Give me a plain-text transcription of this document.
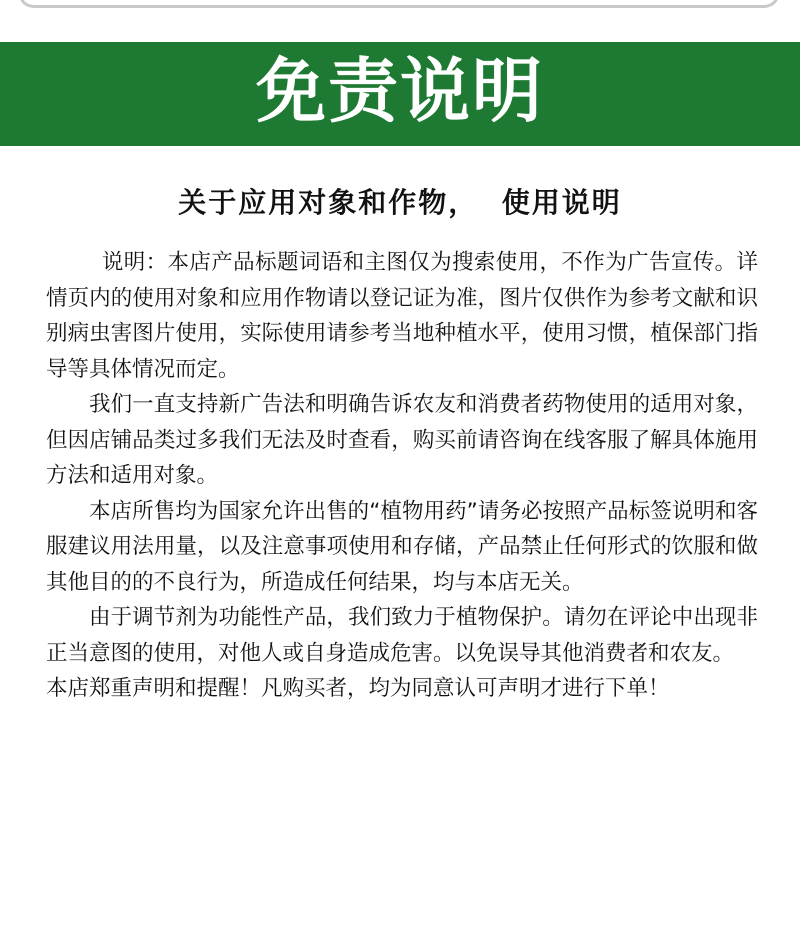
免责说明
关于应用对象和作物，  使用说明

说明：本店产品标题词语和主图仅为搜索使用，不作为广告宣传。详情页内的使用对象和应用作物请以登记证为准，图片仅供作为参考文献和识别病虫害图片使用，实际使用请参考当地种植水平，使用习惯，植保部门指导等具体情况而定。

我们一直支持新广告法和明确告诉农友和消费者药物使用的适用对象，但因店铺品类过多我们无法及时查看，购买前请咨询在线客服了解具体施用方法和适用对象。

本店所售均为国家允许出售的“植物用药”请务必按照产品标签说明和客服建议用法用量，以及注意事项使用和存储，产品禁止任何形式的饮服和做其他目的的不良行为，所造成任何结果，均与本店无关。

由于调节剂为功能性产品，我们致力于植物保护。请勿在评论中出现非正当意图的使用，对他人或自身造成危害。以免误导其他消费者和农友。

本店郑重声明和提醒！凡购买者，均为同意认可声明才进行下单！
